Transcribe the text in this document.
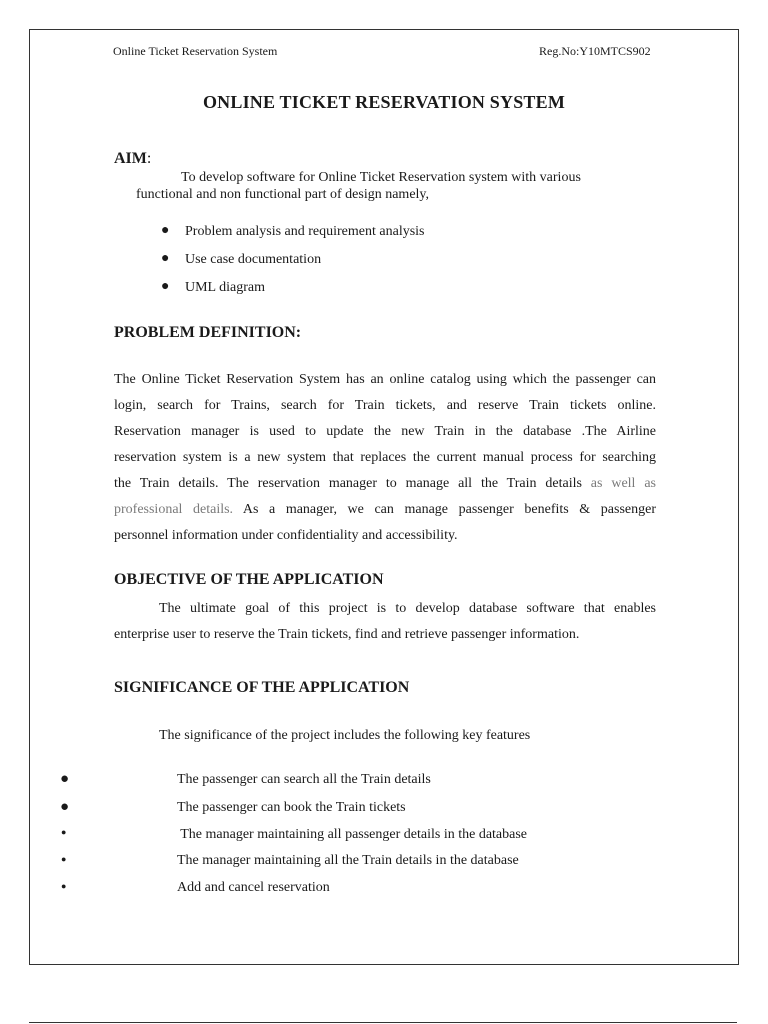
Online Ticket Reservation System	Reg.No:Y10MTCS902
ONLINE TICKET RESERVATION SYSTEM
AIM:
To develop software for Online Ticket Reservation system with various
functional and non functional part of design namely,
● Problem analysis and requirement analysis
● Use case documentation
● UML diagram
PROBLEM DEFINITION:
The Online Ticket Reservation System has an online catalog using which the passenger can
login, search for Trains, search for Train tickets, and reserve Train tickets online.
Reservation manager is used to update the new Train in the database .The Airline
reservation system is a new system that replaces the current manual process for searching
the Train details. The reservation manager to manage all the Train details as well as
professional details. As a manager, we can manage passenger benefits & passenger
personnel information under confidentiality and accessibility.
OBJECTIVE OF THE APPLICATION
The ultimate goal of this project is to develop database software that enables
enterprise user to reserve the Train tickets, find and retrieve passenger information.
SIGNIFICANCE OF THE APPLICATION
The significance of the project includes the following key features
●	The passenger can search all the Train details
●	The passenger can book the Train tickets
●	The manager maintaining all passenger details in the database
●	The manager maintaining all the Train details in the database
●	Add and cancel reservation
